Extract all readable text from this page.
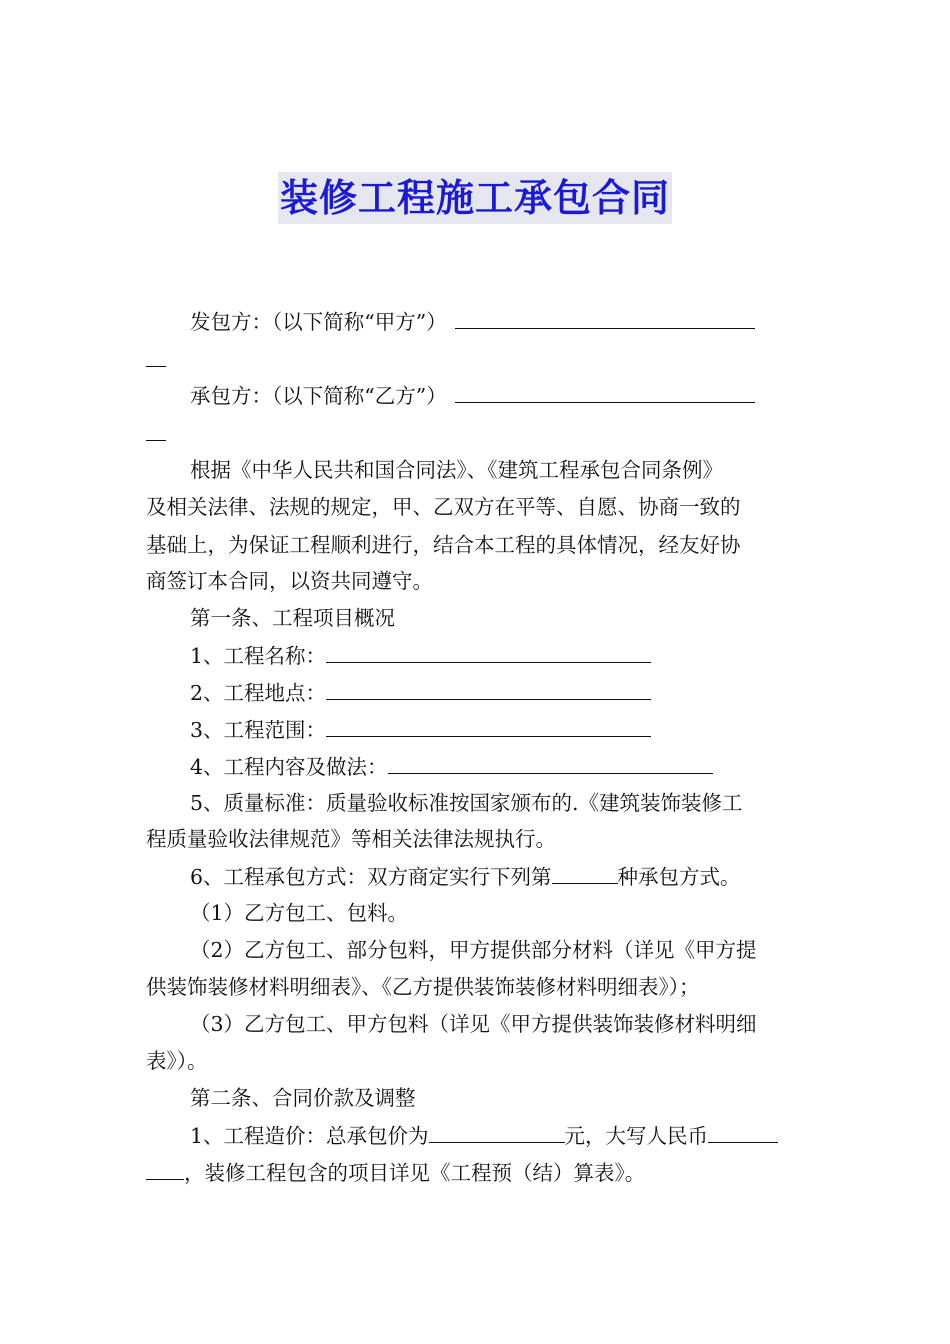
装修工程施工承包合同
发包方：（以下简称“甲方”）
承包方：（以下简称“乙方”）
根据《中华人民共和国合同法》、《建筑工程承包合同条例》
及相关法律、法规的规定，甲、乙双方在平等、自愿、协商一致的
基础上，为保证工程顺利进行，结合本工程的具体情况，经友好协
商签订本合同，以资共同遵守。
第一条、工程项目概况
1、工程名称：
2、工程地点：
3、工程范围：
4、工程内容及做法：
5、质量标准：质量验收标准按国家颁布的.《建筑装饰装修工
程质量验收法律规范》等相关法律法规执行。
6、工程承包方式：双方商定实行下列第	种承包方式。
（1）乙方包工、包料。
（2）乙方包工、部分包料，甲方提供部分材料（详见《甲方提
供装饰装修材料明细表》、《乙方提供装饰装修材料明细表》）；
（3）乙方包工、甲方包料（详见《甲方提供装饰装修材料明细
表》）。
第二条、合同价款及调整
1、工程造价：总承包价为	元，大写人民币
，装修工程包含的项目详见《工程预（结）算表》。
